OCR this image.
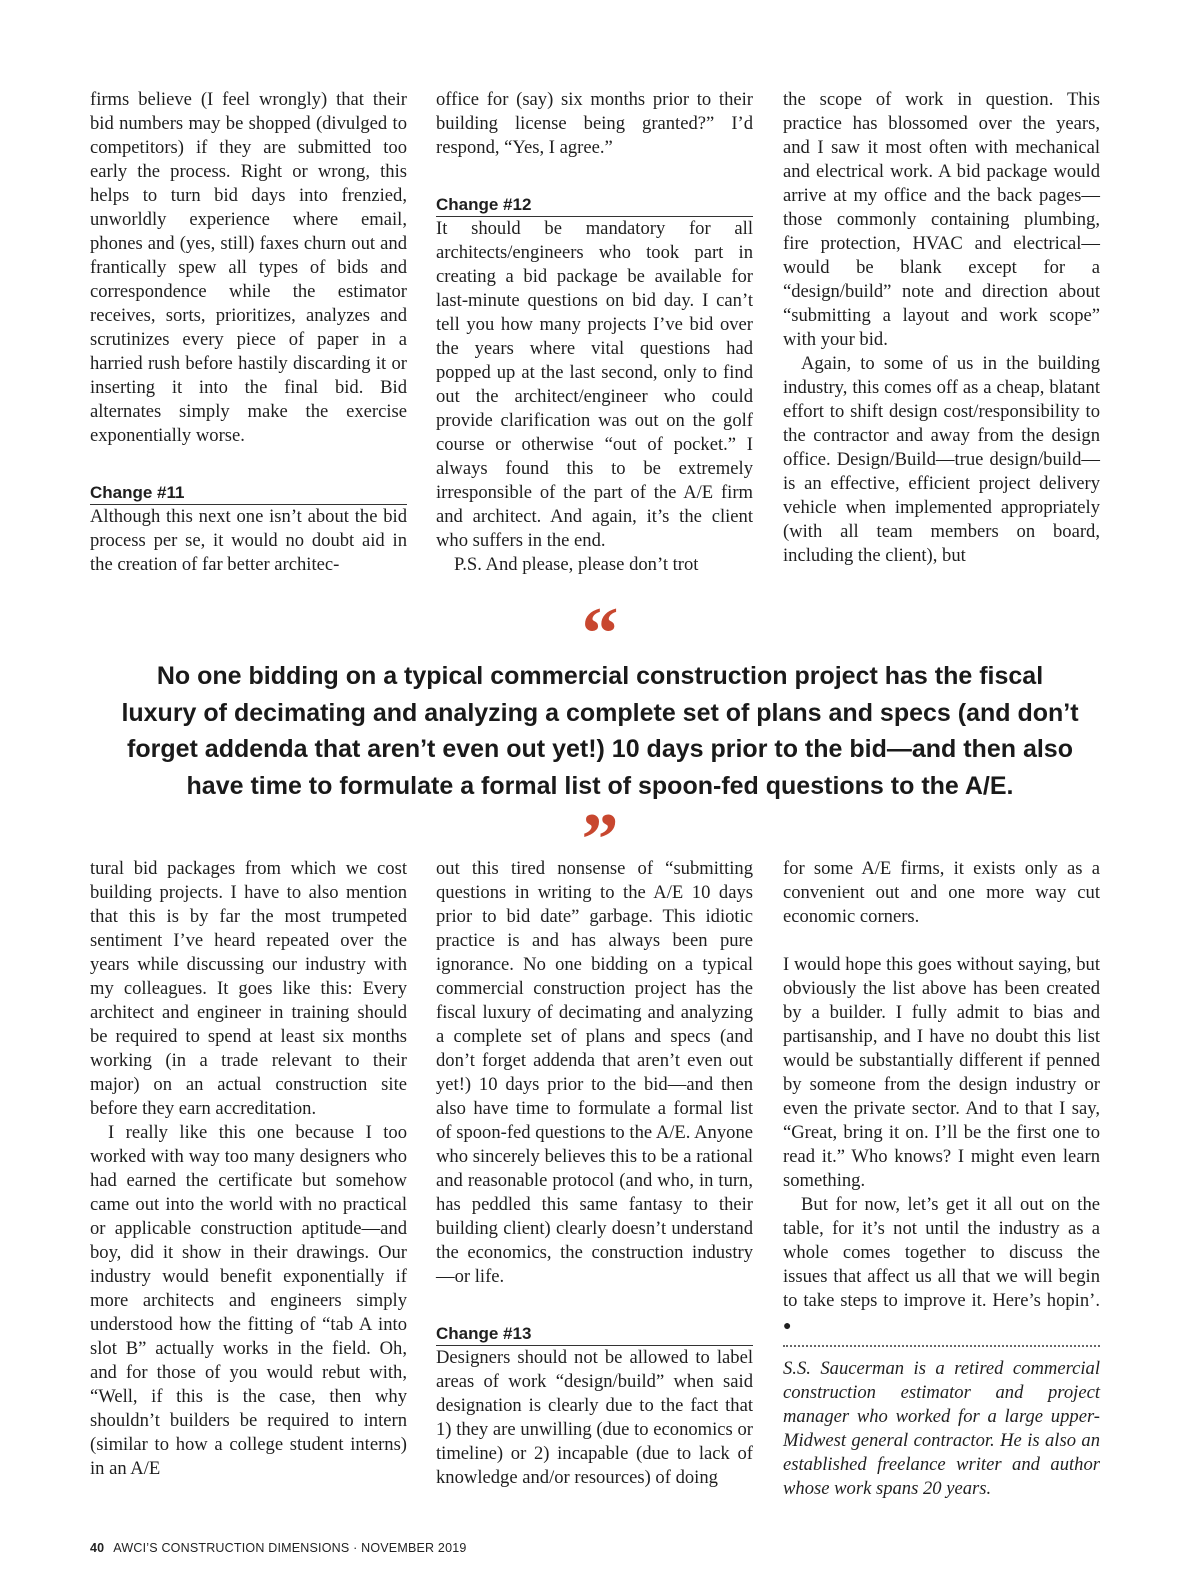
firms believe (I feel wrongly) that their bid numbers may be shopped (divulged to competitors) if they are submitted too early the process. Right or wrong, this helps to turn bid days into frenzied, unworldly experience where email, phones and (yes, still) faxes churn out and frantically spew all types of bids and correspondence while the estimator receives, sorts, prioritizes, analyzes and scrutinizes every piece of paper in a harried rush before hastily discarding it or inserting it into the final bid. Bid alternates simply make the exercise exponentially worse.

Change #11

Although this next one isn’t about the bid process per se, it would no doubt aid in the creation of far better architec-

office for (say) six months prior to their building license being granted?” I’d respond, “Yes, I agree.”

Change #12

It should be mandatory for all architects/engineers who took part in creating a bid package be available for last-minute questions on bid day. I can’t tell you how many projects I’ve bid over the years where vital questions had popped up at the last second, only to find out the architect/engineer who could provide clarification was out on the golf course or otherwise “out of pocket.” I always found this to be extremely irresponsible of the part of the A/E firm and architect. And again, it’s the client who suffers in the end.

P.S. And please, please don’t trot

the scope of work in question. This practice has blossomed over the years, and I saw it most often with mechanical and electrical work. A bid package would arrive at my office and the back pages—those commonly containing plumbing, fire protection, HVAC and electrical—would be blank except for a “design/build” note and direction about “submitting a layout and work scope” with your bid.

Again, to some of us in the building industry, this comes off as a cheap, blatant effort to shift design cost/responsibility to the contractor and away from the design office. Design/Build—true design/build—is an effective, efficient project delivery vehicle when implemented appropriately (with all team members on board, including the client), but

“
No one bidding on a typical commercial construction project has the fiscal luxury of decimating and analyzing a complete set of plans and specs (and don’t forget addenda that aren’t even out yet!) 10 days prior to the bid—and then also have time to formulate a formal list of spoon-fed questions to the A/E.
”

tural bid packages from which we cost building projects. I have to also mention that this is by far the most trumpeted sentiment I’ve heard repeated over the years while discussing our industry with my colleagues. It goes like this: Every architect and engineer in training should be required to spend at least six months working (in a trade relevant to their major) on an actual construction site before they earn accreditation.

I really like this one because I too worked with way too many designers who had earned the certificate but somehow came out into the world with no practical or applicable construction aptitude—and boy, did it show in their drawings. Our industry would benefit exponentially if more architects and engineers simply understood how the fitting of “tab A into slot B” actually works in the field. Oh, and for those of you would rebut with, “Well, if this is the case, then why shouldn’t builders be required to intern (similar to how a college student interns) in an A/E

out this tired nonsense of “submitting questions in writing to the A/E 10 days prior to bid date” garbage. This idiotic practice is and has always been pure ignorance. No one bidding on a typical commercial construction project has the fiscal luxury of decimating and analyzing a complete set of plans and specs (and don’t forget addenda that aren’t even out yet!) 10 days prior to the bid—and then also have time to formulate a formal list of spoon-fed questions to the A/E. Anyone who sincerely believes this to be a rational and reasonable protocol (and who, in turn, has peddled this same fantasy to their building client) clearly doesn’t understand the economics, the construction industry—or life.

Change #13

Designers should not be allowed to label areas of work “design/build” when said designation is clearly due to the fact that 1) they are unwilling (due to economics or timeline) or 2) incapable (due to lack of knowledge and/or resources) of doing

for some A/E firms, it exists only as a convenient out and one more way cut economic corners.

I would hope this goes without saying, but obviously the list above has been created by a builder. I fully admit to bias and partisanship, and I have no doubt this list would be substantially different if penned by someone from the design industry or even the private sector. And to that I say, “Great, bring it on. I’ll be the first one to read it.” Who knows? I might even learn something.

But for now, let’s get it all out on the table, for it’s not until the industry as a whole comes together to discuss the issues that affect us all that we will begin to take steps to improve it. Here’s hopin’. ●

S.S. Saucerman is a retired commercial construction estimator and project manager who worked for a large upper-Midwest general contractor. He is also an established freelance writer and author whose work spans 20 years.

40 AWCI’S CONSTRUCTION DIMENSIONS · NOVEMBER 2019
